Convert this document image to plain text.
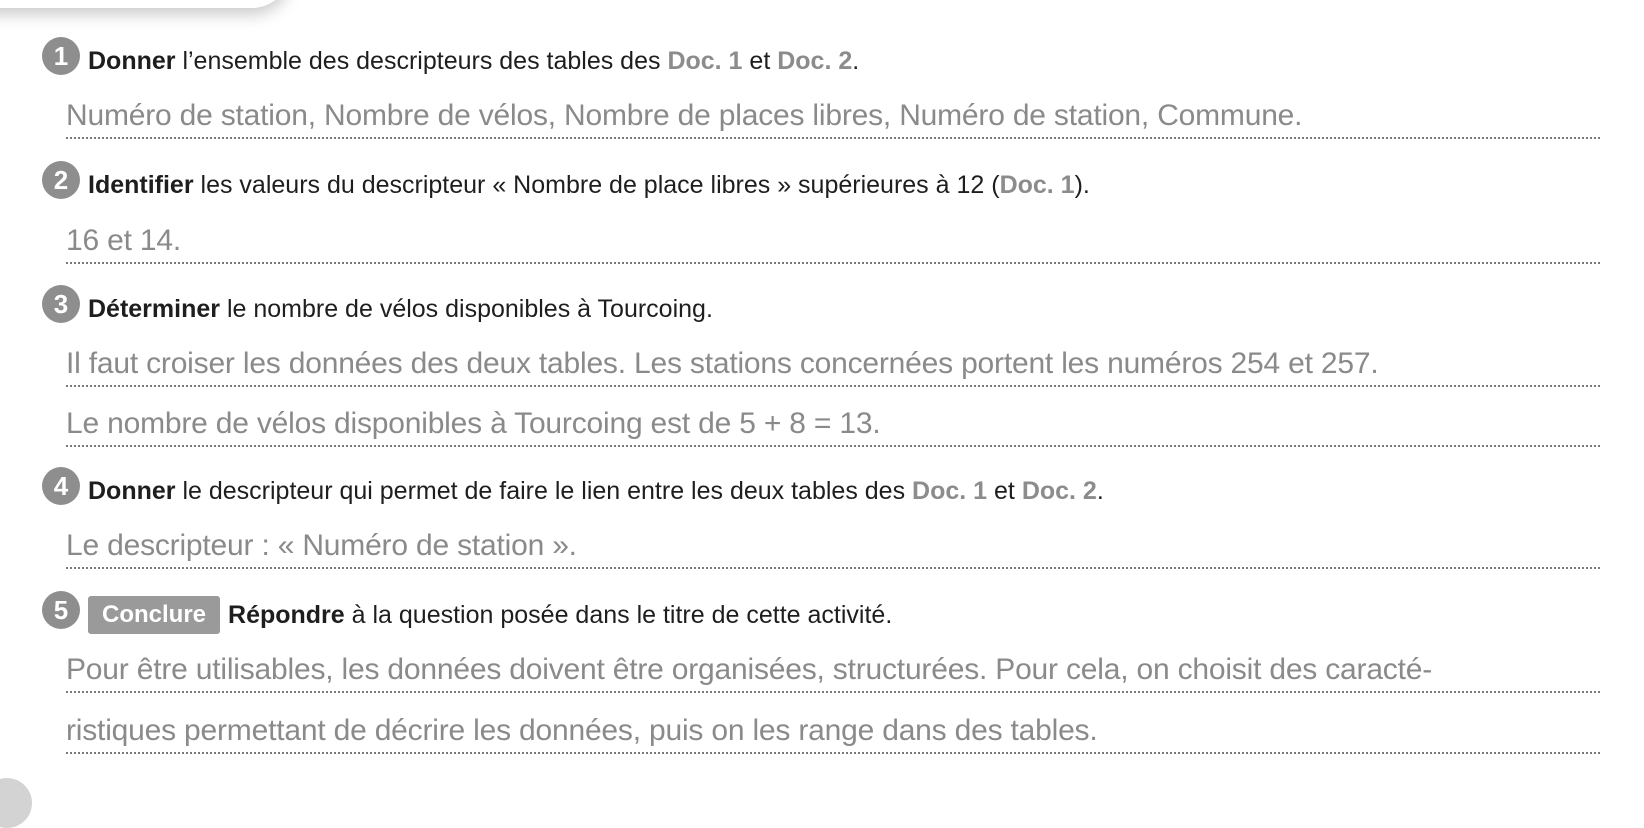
1 Donner l’ensemble des descripteurs des tables des Doc. 1 et Doc. 2.
Numéro de station, Nombre de vélos, Nombre de places libres, Numéro de station, Commune.
2 Identifier les valeurs du descripteur « Nombre de place libres » supérieures à 12 (Doc. 1).
16 et 14.
3 Déterminer le nombre de vélos disponibles à Tourcoing.
Il faut croiser les données des deux tables. Les stations concernées portent les numéros 254 et 257.
Le nombre de vélos disponibles à Tourcoing est de 5 + 8 = 13.
4 Donner le descripteur qui permet de faire le lien entre les deux tables des Doc. 1 et Doc. 2.
Le descripteur : « Numéro de station ».
5	Conclure Répondre à la question posée dans le titre de cette activité.
Pour être utilisables, les données doivent être organisées, structurées. Pour cela, on choisit des caracté-
ristiques permettant de décrire les données, puis on les range dans des tables.
